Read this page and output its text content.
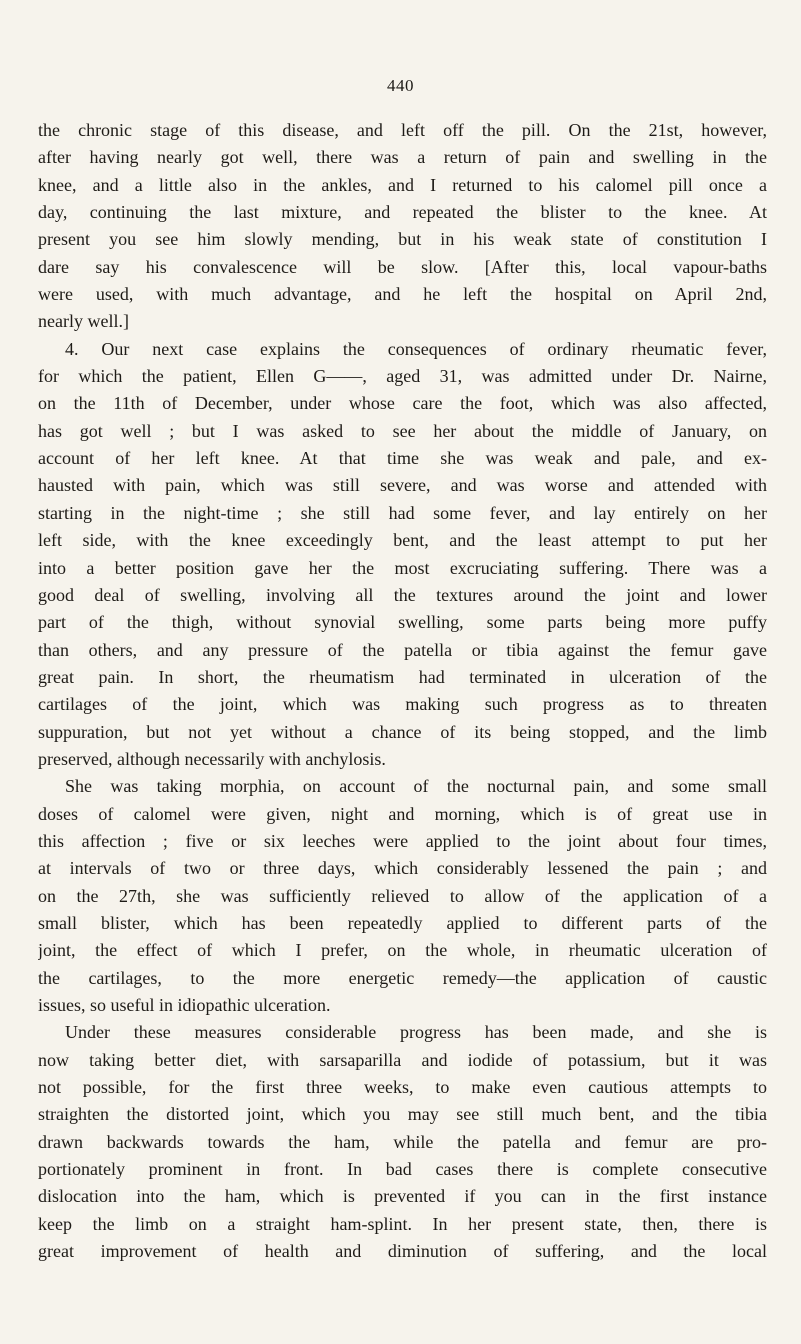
440
the chronic stage of this disease, and left off the pill. On the 21st, however,
after having nearly got well, there was a return of pain and swelling in the
knee, and a little also in the ankles, and I returned to his calomel pill once a
day, continuing the last mixture, and repeated the blister to the knee. At
present you see him slowly mending, but in his weak state of constitution I
dare say his convalescence will be slow. [After this, local vapour-baths
were used, with much advantage, and he left the hospital on April 2nd,
nearly well.]
4. Our next case explains the consequences of ordinary rheumatic fever,
for which the patient, Ellen G——, aged 31, was admitted under Dr. Nairne,
on the 11th of December, under whose care the foot, which was also affected,
has got well ; but I was asked to see her about the middle of January, on
account of her left knee. At that time she was weak and pale, and ex-
hausted with pain, which was still severe, and was worse and attended with
starting in the night-time ; she still had some fever, and lay entirely on her
left side, with the knee exceedingly bent, and the least attempt to put her
into a better position gave her the most excruciating suffering. There was a
good deal of swelling, involving all the textures around the joint and lower
part of the thigh, without synovial swelling, some parts being more puffy
than others, and any pressure of the patella or tibia against the femur gave
great pain. In short, the rheumatism had terminated in ulceration of the
cartilages of the joint, which was making such progress as to threaten
suppuration, but not yet without a chance of its being stopped, and the limb
preserved, although necessarily with anchylosis.
She was taking morphia, on account of the nocturnal pain, and some small
doses of calomel were given, night and morning, which is of great use in
this affection ; five or six leeches were applied to the joint about four times,
at intervals of two or three days, which considerably lessened the pain ; and
on the 27th, she was sufficiently relieved to allow of the application of a
small blister, which has been repeatedly applied to different parts of the
joint, the effect of which I prefer, on the whole, in rheumatic ulceration of
the cartilages, to the more energetic remedy—the application of caustic
issues, so useful in idiopathic ulceration.
Under these measures considerable progress has been made, and she is
now taking better diet, with sarsaparilla and iodide of potassium, but it was
not possible, for the first three weeks, to make even cautious attempts to
straighten the distorted joint, which you may see still much bent, and the tibia
drawn backwards towards the ham, while the patella and femur are pro-
portionately prominent in front. In bad cases there is complete consecutive
dislocation into the ham, which is prevented if you can in the first instance
keep the limb on a straight ham-splint. In her present state, then, there is
great improvement of health and diminution of suffering, and the local
